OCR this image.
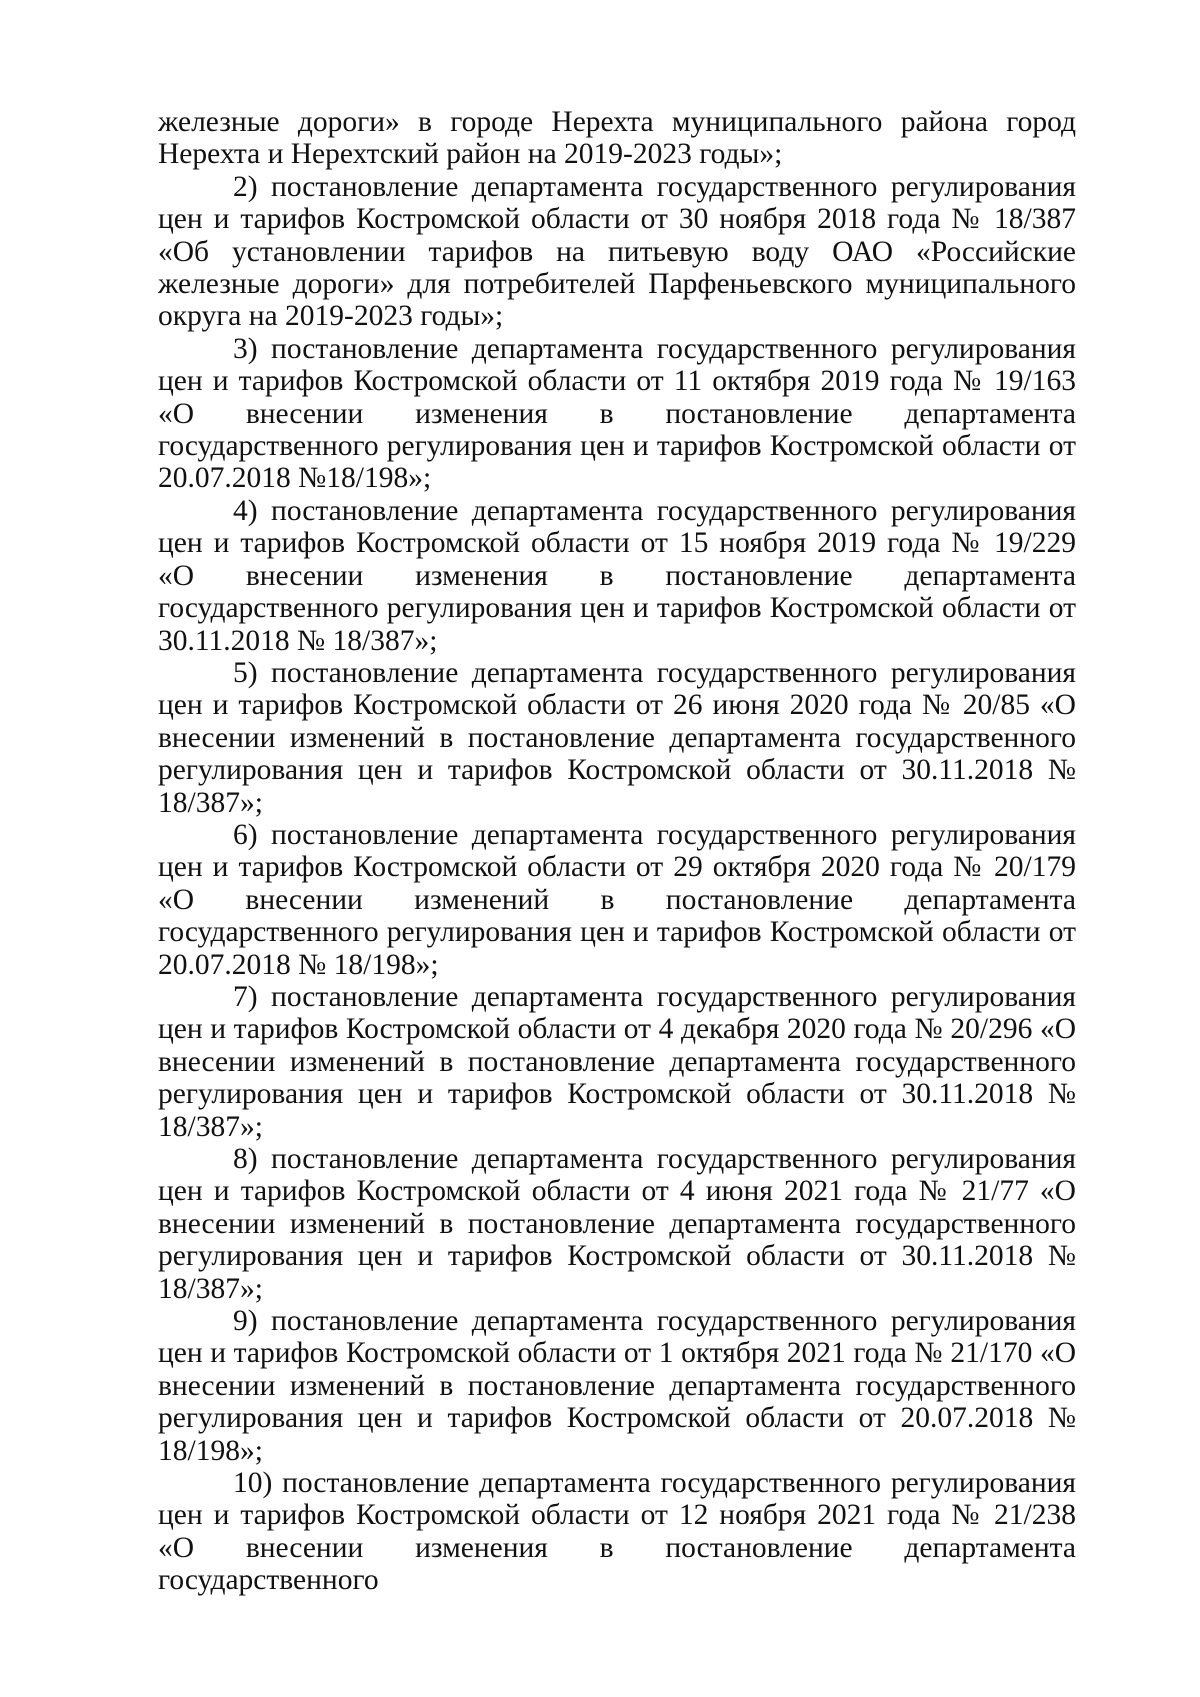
железные дороги» в городе Нерехта муниципального района город Нерехта и Нерехтский район на 2019-2023 годы»;

2) постановление департамента государственного регулирования цен и тарифов Костромской области от 30 ноября 2018 года № 18/387 «Об установлении тарифов на питьевую воду ОАО «Российские железные дороги» для потребителей Парфеньевского муниципального округа на 2019-2023 годы»;

3) постановление департамента государственного регулирования цен и тарифов Костромской области от 11 октября 2019 года № 19/163 «О внесении изменения в постановление департамента государственного регулирования цен и тарифов Костромской области от 20.07.2018 №18/198»;

4) постановление департамента государственного регулирования цен и тарифов Костромской области от 15 ноября 2019 года № 19/229 «О внесении изменения в постановление департамента государственного регулирования цен и тарифов Костромской области от 30.11.2018 № 18/387»;

5) постановление департамента государственного регулирования цен и тарифов Костромской области от 26 июня 2020 года № 20/85 «О внесении изменений в постановление департамента государственного регулирования цен и тарифов Костромской области от 30.11.2018 № 18/387»;

6) постановление департамента государственного регулирования цен и тарифов Костромской области от 29 октября 2020 года № 20/179 «О внесении изменений в постановление департамента государственного регулирования цен и тарифов Костромской области от 20.07.2018 № 18/198»;

7) постановление департамента государственного регулирования цен и тарифов Костромской области от 4 декабря 2020 года № 20/296 «О внесении изменений в постановление департамента государственного регулирования цен и тарифов Костромской области от 30.11.2018 № 18/387»;

8) постановление департамента государственного регулирования цен и тарифов Костромской области от 4 июня 2021 года № 21/77 «О внесении изменений в постановление департамента государственного регулирования цен и тарифов Костромской области от 30.11.2018 № 18/387»;

9) постановление департамента государственного регулирования цен и тарифов Костромской области от 1 октября 2021 года № 21/170 «О внесении изменений в постановление департамента государственного регулирования цен и тарифов Костромской области от 20.07.2018 № 18/198»;

10) постановление департамента государственного регулирования цен и тарифов Костромской области от 12 ноября 2021 года № 21/238 «О внесении изменения в постановление департамента государственного
